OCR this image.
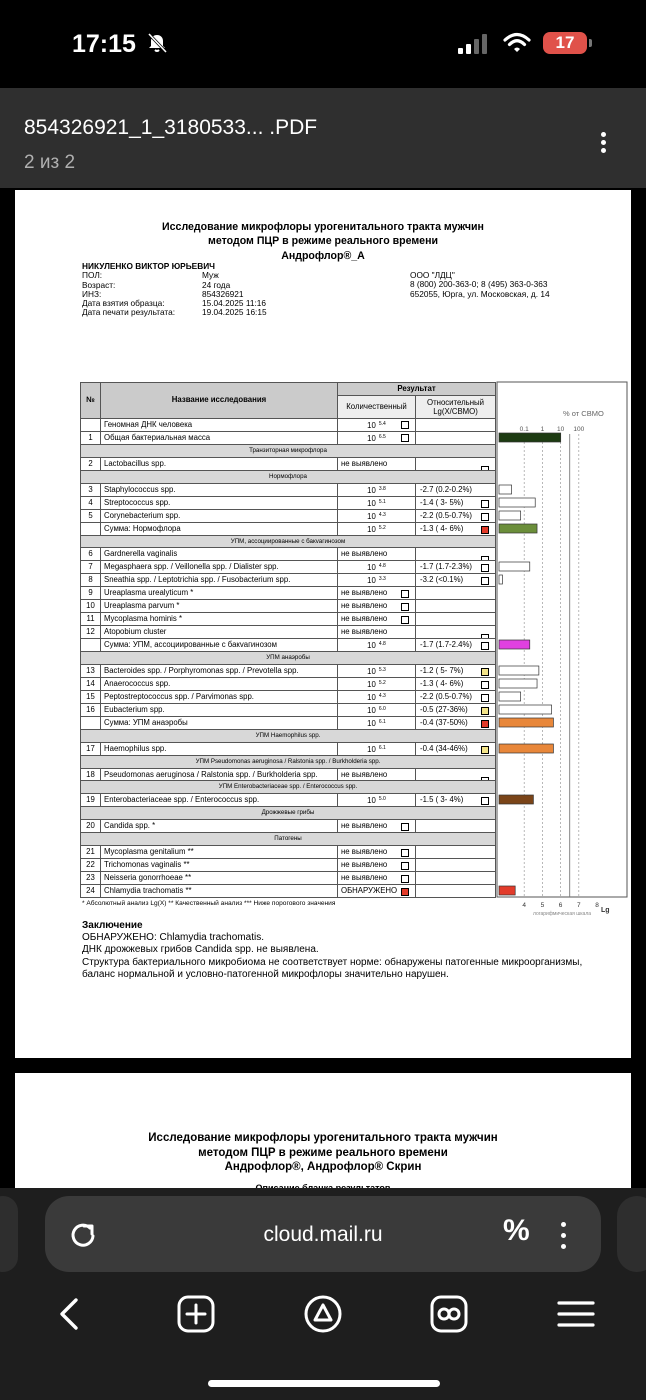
17:15	17
854326921_1_3180533... .PDF
2 из 2
Исследование микрофлоры урогенитального тракта мужчин
методом ПЦР в режиме реального времени
Андрофлор®_А
НИКУЛЕНКО ВИКТОР ЮРЬЕВИЧ
ПОЛ:	Муж
Возраст:	24 года
ИНЗ:	854326921
Дата взятия образца:	15.04.2025 11:16
Дата печати результата:	19.04.2025 16:15
ООО "ЛДЦ"
8 (800) 200-363-0; 8 (495) 363-0-363
652055, Юрга, ул. Московская, д. 14
№	Название исследования	Результат	
		Количественный	Относительный
Lg(X/СВМО)

	Геномная ДНК человека	10 $^{5.4}$

1	Общая бактериальная масса	10 $^{6.5}$

Транзиторная микрофлора			
2	Lactobacillus spp.	не выявлено	

Нормофлора			
3	Staphylococcus spp.	10 $^{3.8}$	-2.7 (0.2-0.2%)

4	Streptococcus spp.	10 $^{5.1}$	-1.4 ( 3- 5%)

5	Corynebacterium spp.	10 $^{4.3}$	-2.2 (0.5-0.7%)

	Сумма: Нормофлора	10 $^{5.2}$	-1.3 ( 4- 6%)

УПМ, ассоциированные с бакvагинозом			
6	Gardnerella vaginalis	не выявлено	

7	Megasphaera spp. / Veillonella spp. / Dialister spp.	10 $^{4.8}$	-1.7 (1.7-2.3%)

8	Sneathia spp. / Leptotrichia spp. / Fusobacterium spp.	10 $^{3.3}$	-3.2 (<0.1%)

9	Ureaplasma urealyticum *	не выявлено	

10	Ureaplasma parvum *	не выявлено	

11	Mycoplasma hominis *	не выявлено	

12	Atopobium cluster	не выявлено	

	Сумма: УПМ, ассоциированные с бакvагинозом	10 $^{4.8}$	-1.7 (1.7-2.4%)

УПМ анаэробы			
13	Bacteroides spp. / Porphyromonas spp. / Prevotella spp.	10 $^{5.3}$	-1.2 ( 5- 7%)

14	Anaerococcus spp.	10 $^{5.2}$	-1.3 ( 4- 6%)

15	Peptostreptococcus spp. / Parvimonas spp.	10 $^{4.3}$	-2.2 (0.5-0.7%)

16	Eubacterium spp.	10 $^{6.0}$	-0.5 (27-36%)

	Сумма: УПМ анаэробы	10 $^{6.1}$	-0.4 (37-50%)

УПМ Haemophilus spp.			
17	Haemophilus spp.	10 $^{6.1}$	-0.4 (34-46%)

УПМ Pseudomonas aeruginosa / Ralstonia spp. / Burkholderia spp.			
18	Pseudomonas aeruginosa / Ralstonia spp. / Burkholderia spp.	не выявлено	

УПМ Enterobacteriaceae spp. / Enterococcus spp.			
19	Enterobacteriaceae spp. / Enterococcus spp.	10 $^{5.0}$	-1.5 ( 3- 4%)

Дрожжевые грибы			
20	Candida spp. *	не выявлено	

Патогены			
21	Mycoplasma genitalium **	не выявлено	

22	Trichomonas vaginalis **	не выявлено	

23	Neisseria gonorrhoeae **	не выявлено	

24	Chlamydia trachomatis **	ОБНАРУЖЕНО	

% от СВМО
0.1 1 10 100
4 5 6 7 8
Lg
логарифмическая шкала
* Абсолютный анализ Lg(X) ** Качественный анализ *** Ниже порогового значения
Заключение
ОБНАРУЖЕНО: Chlamydia trachomatis.
ДНК дрожжевых грибов Candida spp. не выявлена.
Структура бактериального микробиома не соответствует норме: обнаружены патогенные микроорганизмы, баланс нормальной и условно-патогенной микрофлоры значительно нарушен.
Исследование микрофлоры урогенитального тракта мужчин
методом ПЦР в режиме реального времени
Андрофлор®, Андрофлор® Скрин
cloud.mail.ru	%
